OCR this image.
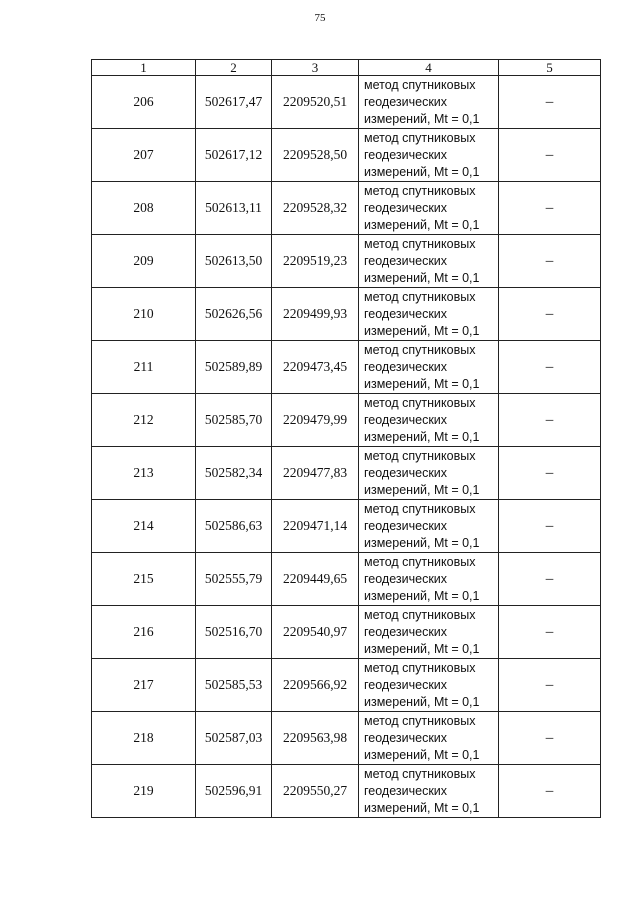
75
1	2	3	4	5
206	502617,47	2209520,51	метод спутниковых
геодезических
измерений, Mt = 0,1	–
207	502617,12	2209528,50	метод спутниковых
геодезических
измерений, Mt = 0,1	–
208	502613,11	2209528,32	метод спутниковых
геодезических
измерений, Mt = 0,1	–
209	502613,50	2209519,23	метод спутниковых
геодезических
измерений, Mt = 0,1	–
210	502626,56	2209499,93	метод спутниковых
геодезических
измерений, Mt = 0,1	–
211	502589,89	2209473,45	метод спутниковых
геодезических
измерений, Mt = 0,1	–
212	502585,70	2209479,99	метод спутниковых
геодезических
измерений, Mt = 0,1	–
213	502582,34	2209477,83	метод спутниковых
геодезических
измерений, Mt = 0,1	–
214	502586,63	2209471,14	метод спутниковых
геодезических
измерений, Mt = 0,1	–
215	502555,79	2209449,65	метод спутниковых
геодезических
измерений, Mt = 0,1	–
216	502516,70	2209540,97	метод спутниковых
геодезических
измерений, Mt = 0,1	–
217	502585,53	2209566,92	метод спутниковых
геодезических
измерений, Mt = 0,1	–
218	502587,03	2209563,98	метод спутниковых
геодезических
измерений, Mt = 0,1	–
219	502596,91	2209550,27	метод спутниковых
геодезических
измерений, Mt = 0,1	–
